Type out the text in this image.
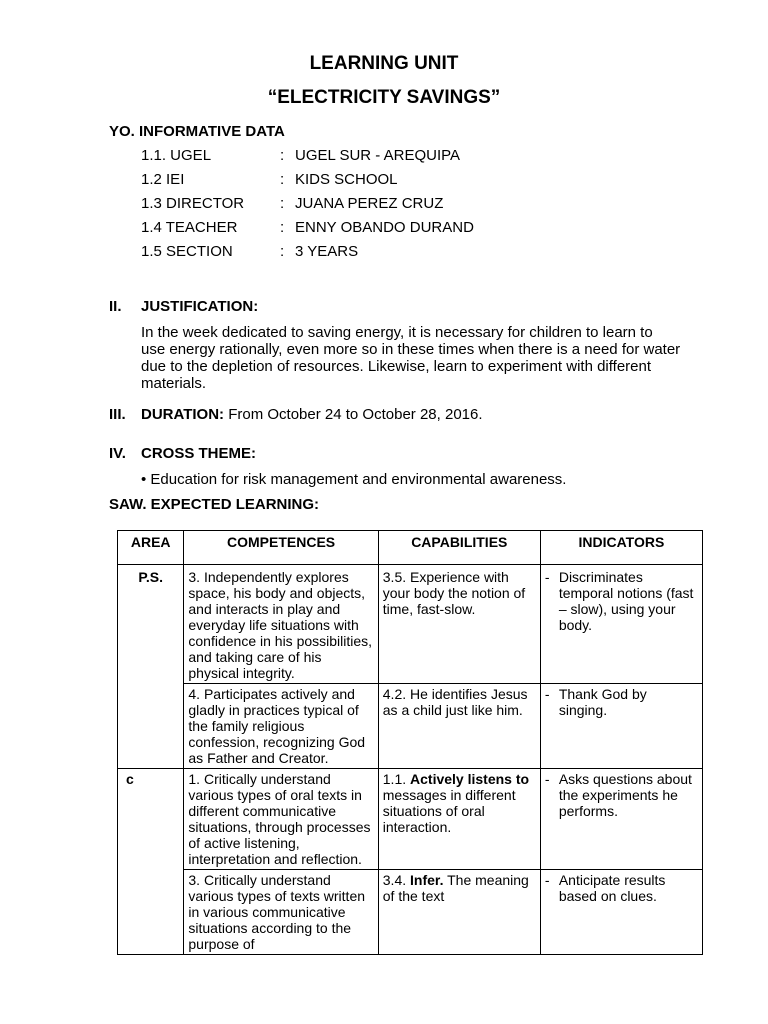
LEARNING UNIT
“ELECTRICITY SAVINGS”
YO. INFORMATIVE DATA
1.1. UGEL	: UGEL SUR - AREQUIPA
1.2 IEI	: KIDS SCHOOL
1.3 DIRECTOR : JUANA PEREZ CRUZ
1.4 TEACHER	: ENNY OBANDO DURAND
1.5 SECTION	: 3 YEARS
II. JUSTIFICATION:
In the week dedicated to saving energy, it is necessary for children to learn to use energy rationally, even more so in these times when there is a need for water due to the depletion of resources. Likewise, learn to experiment with different materials.
III. DURATION: From October 24 to October 28, 2016.
IV. CROSS THEME:
• Education for risk management and environmental awareness.
SAW. EXPECTED LEARNING:
AREA	COMPETENCES	CAPABILITIES	INDICATORS
P.S.	3. Independently explores space, his body and objects, and interacts in play and everyday life situations with confidence in his possibilities, and taking care of his physical integrity.	3.5. Experience with your body the notion of time, fast-slow.	- Discriminates temporal notions (fast – slow), using your body.

	4. Participates actively and gladly in practices typical of the family religious confession, recognizing God as Father and Creator.	4.2. He identifies Jesus as a child just like him.	- Thank God by singing.

c	1. Critically understand various types of oral texts in different communicative situations, through processes of active listening, interpretation and reflection.	1.1. Actively listens to messages in different situations of oral interaction.	- Asks questions about the experiments he performs.

	3. Critically understand various types of texts written in various communicative situations according to the purpose of	3.4. Infer. The meaning of the text	- Anticipate results based on clues.
